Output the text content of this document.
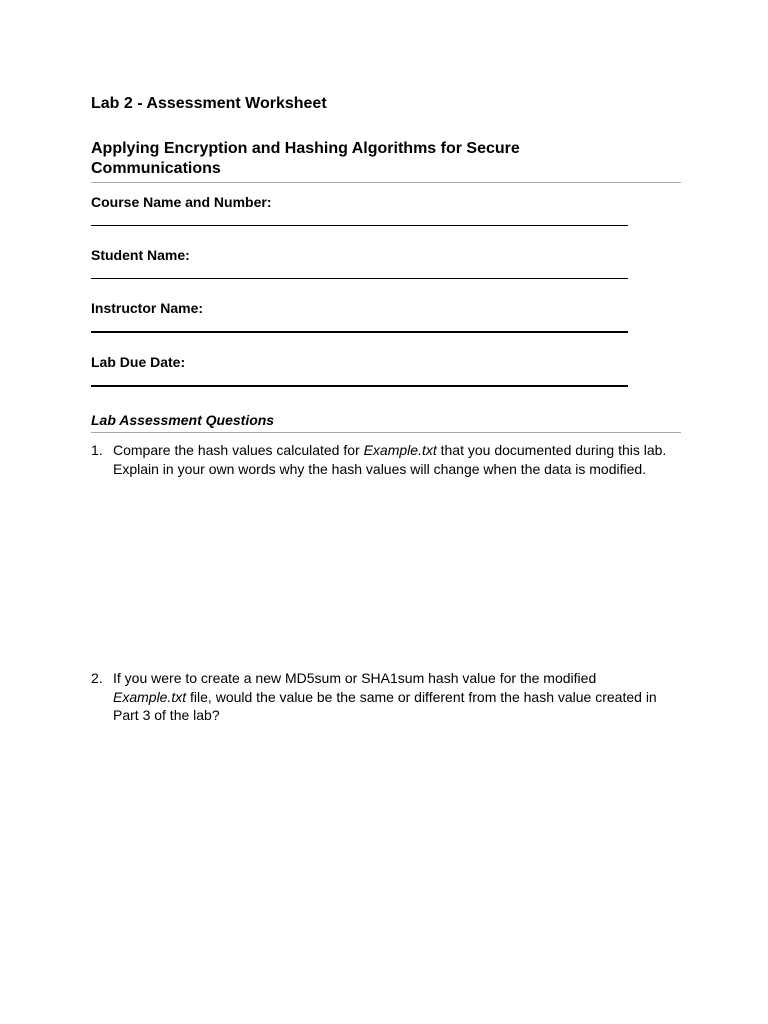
Lab 2 - Assessment Worksheet
Applying Encryption and Hashing Algorithms for Secure Communications
Course Name and Number:
Student Name:
Instructor Name:
Lab Due Date:
Lab Assessment Questions
1. Compare the hash values calculated for Example.txt that you documented during this lab. Explain in your own words why the hash values will change when the data is modified.
2. If you were to create a new MD5sum or SHA1sum hash value for the modified Example.txt file, would the value be the same or different from the hash value created in Part 3 of the lab?
